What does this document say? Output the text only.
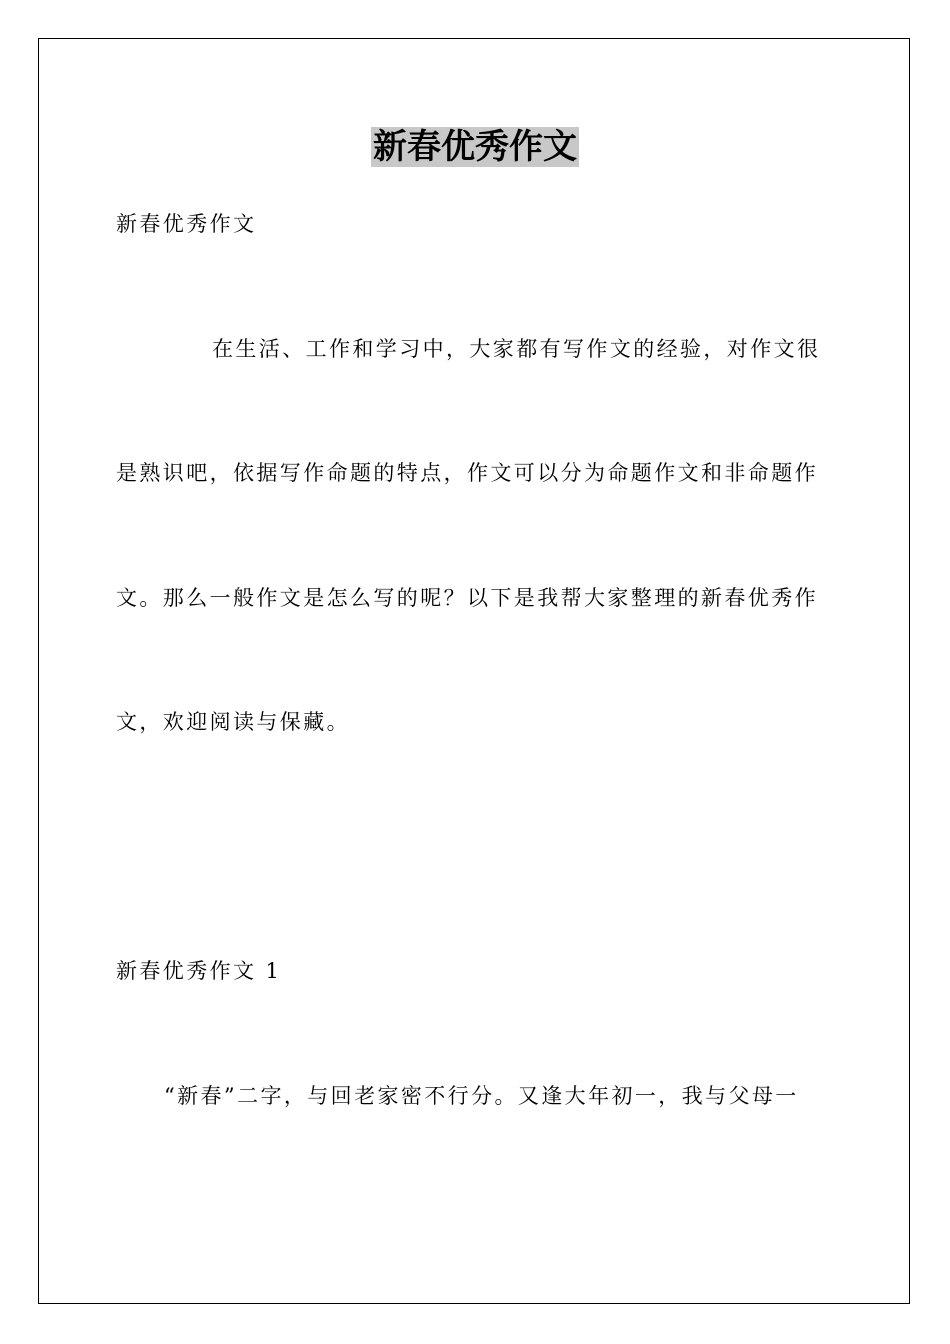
新春优秀作文
新春优秀作文
在生活、工作和学习中，大家都有写作文的经验，对作文很
是熟识吧，依据写作命题的特点，作文可以分为命题作文和非命题作
文。那么一般作文是怎么写的呢？以下是我帮大家整理的新春优秀作
文，欢迎阅读与保藏。
新春优秀作文 1
“新春”二字，与回老家密不行分。又逢大年初一，我与父母一
